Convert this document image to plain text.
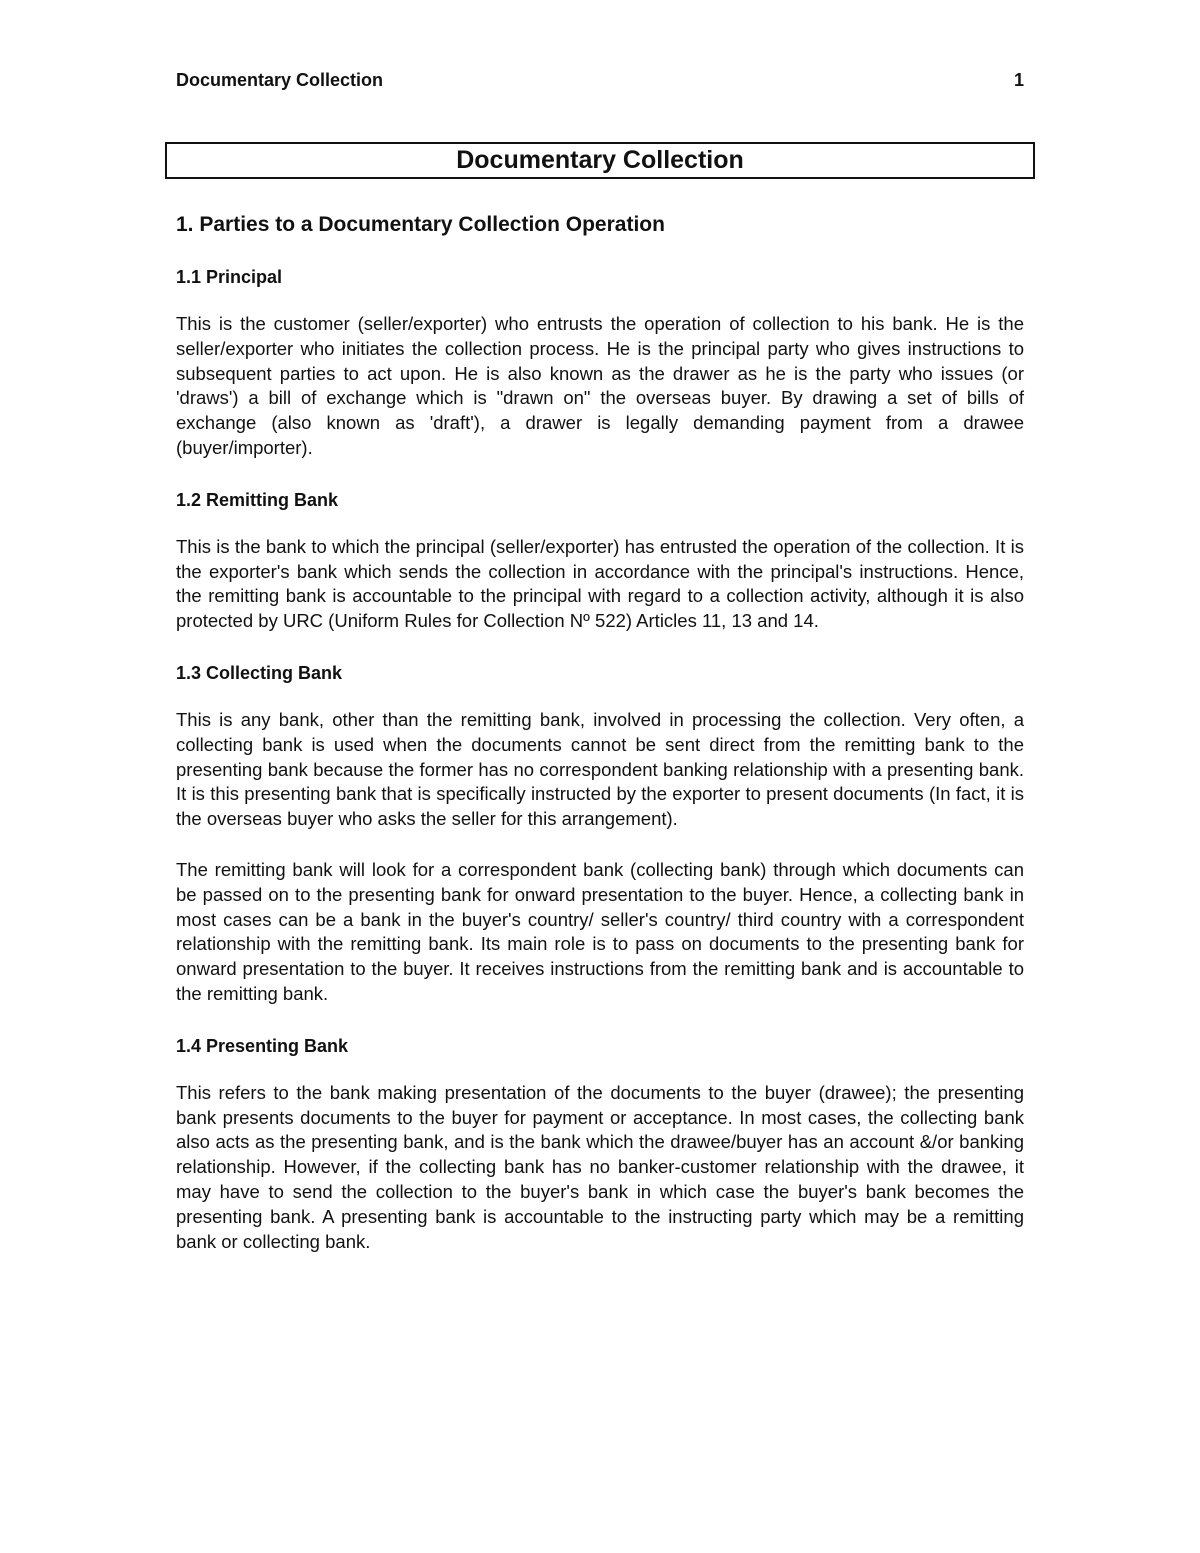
Documentary Collection	1
Documentary Collection
1. Parties to a Documentary Collection Operation
1.1 Principal

This is the customer (seller/exporter) who entrusts the operation of collection to his bank. He is the seller/exporter who initiates the collection process. He is the principal party who gives instructions to subsequent parties to act upon. He is also known as the drawer as he is the party who issues (or 'draws') a bill of exchange which is "drawn on" the overseas buyer. By drawing a set of bills of exchange (also known as 'draft'), a drawer is legally demanding payment from a drawee (buyer/importer).

1.2 Remitting Bank

This is the bank to which the principal (seller/exporter) has entrusted the operation of the collection. It is the exporter's bank which sends the collection in accordance with the principal's instructions. Hence, the remitting bank is accountable to the principal with regard to a collection activity, although it is also protected by URC (Uniform Rules for Collection Nº 522) Articles 11, 13 and 14.

1.3 Collecting Bank

This is any bank, other than the remitting bank, involved in processing the collection. Very often, a collecting bank is used when the documents cannot be sent direct from the remitting bank to the presenting bank because the former has no correspondent banking relationship with a presenting bank. It is this presenting bank that is specifically instructed by the exporter to present documents (In fact, it is the overseas buyer who asks the seller for this arrangement).

The remitting bank will look for a correspondent bank (collecting bank) through which documents can be passed on to the presenting bank for onward presentation to the buyer. Hence, a collecting bank in most cases can be a bank in the buyer's country/ seller's country/ third country with a correspondent relationship with the remitting bank. Its main role is to pass on documents to the presenting bank for onward presentation to the buyer. It receives instructions from the remitting bank and is accountable to the remitting bank.

1.4 Presenting Bank

This refers to the bank making presentation of the documents to the buyer (drawee); the presenting bank presents documents to the buyer for payment or acceptance. In most cases, the collecting bank also acts as the presenting bank, and is the bank which the drawee/buyer has an account &/or banking relationship. However, if the collecting bank has no banker-customer relationship with the drawee, it may have to send the collection to the buyer's bank in which case the buyer's bank becomes the presenting bank. A presenting bank is accountable to the instructing party which may be a remitting bank or collecting bank.
